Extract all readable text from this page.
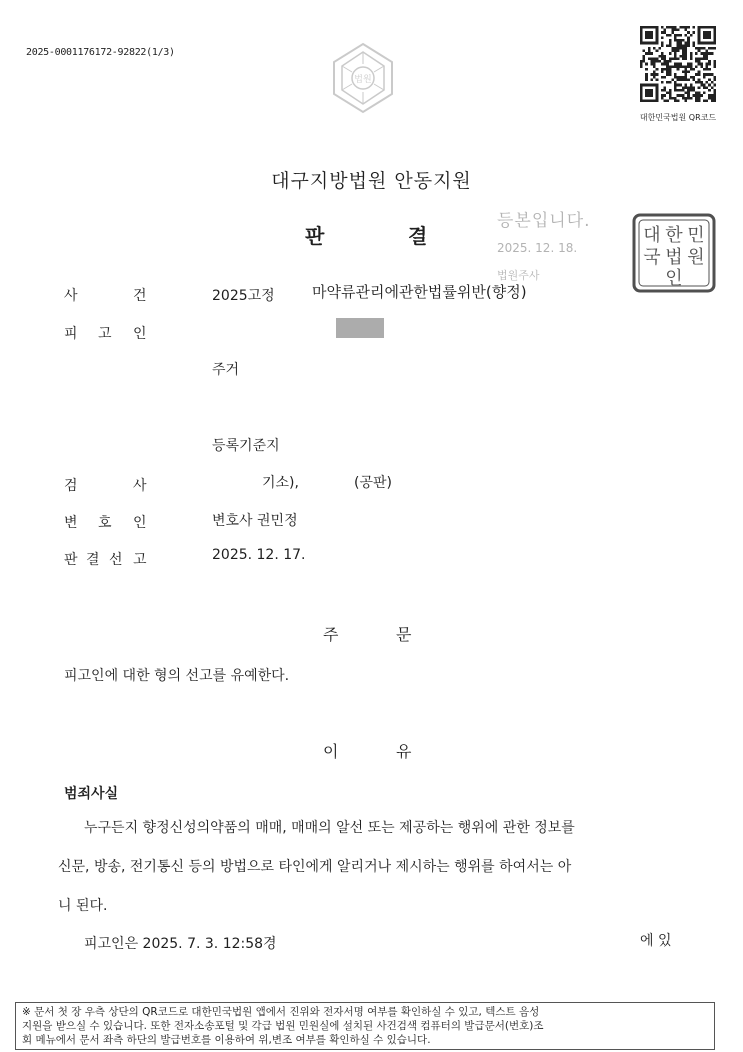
2025-0001176172-92822(1/3)
법원
대한민국법원 QR코드
대구지방법원 안동지원
판	결
등본입니다.
2025. 12. 18.
법원주사
대 한 민
국 법 원
인
사	건	2025고정 마약류관리에관한법률위반(향정)
피 고 인
주거
등록기준지
검	사	기소),	(공판)
변 호 인	변호사 권민정
판 결 선 고	2025. 12. 17.
주	문
피고인에 대한 형의 선고를 유예한다.
이	유
범죄사실
누구든지 향정신성의약품의 매매, 매매의 알선 또는 제공하는 행위에 관한 정보를
신문, 방송, 전기통신 등의 방법으로 타인에게 알리거나 제시하는 행위를 하여서는 아
니 된다.
피고인은 2025. 7. 3. 12:58경	에 있
※ 문서 첫 장 우측 상단의 QR코드로 대한민국법원 앱에서 진위와 전자서명 여부를 확인하실 수 있고, 텍스트 음성
지원을 받으실 수 있습니다. 또한 전자소송포털 및 각급 법원 민원실에 설치된 사건검색 컴퓨터의 발급문서(번호)조
회 메뉴에서 문서 좌측 하단의 발급번호를 이용하여 위,변조 여부를 확인하실 수 있습니다.
